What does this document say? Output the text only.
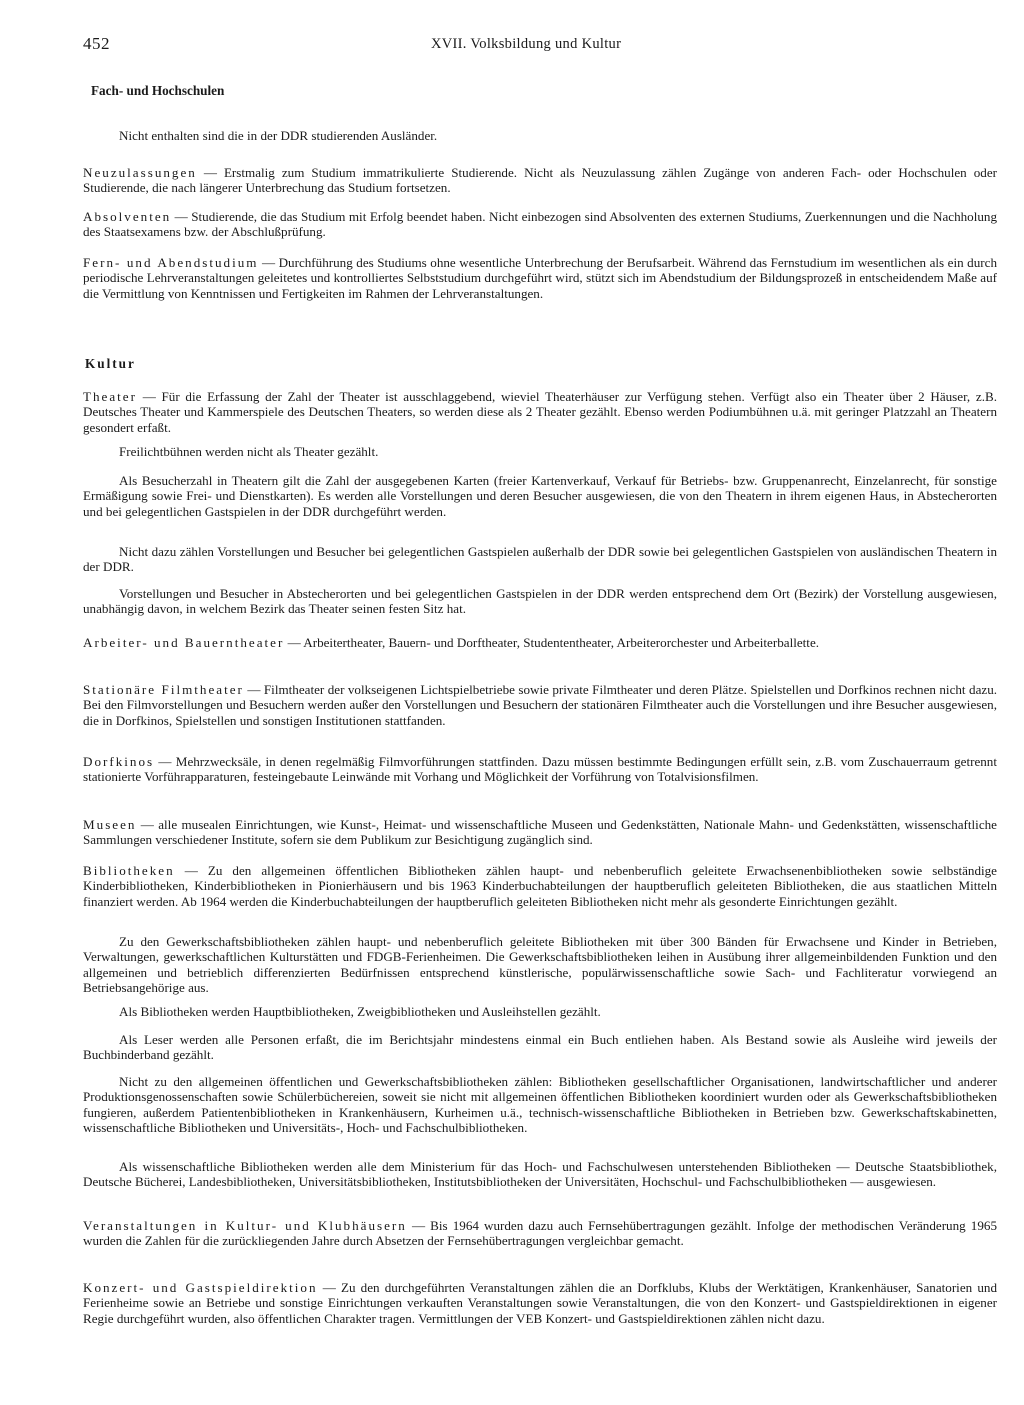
452	XVII. Volksbildung und Kultur
Fach- und Hochschulen
Nicht enthalten sind die in der DDR studierenden Ausländer.
Neuzulassungen — Erstmalig zum Studium immatrikulierte Studierende. Nicht als Neuzulassung zählen Zugänge von anderen Fach- oder Hochschulen oder Studierende, die nach längerer Unterbrechung das Studium fortsetzen.
Absolventen — Studierende, die das Studium mit Erfolg beendet haben. Nicht einbezogen sind Absolventen des externen Studiums, Zuerkennungen und die Nachholung des Staatsexamens bzw. der Abschlußprüfung.
Fern- und Abendstudium — Durchführung des Studiums ohne wesentliche Unterbrechung der Berufsarbeit. Während das Fernstudium im wesentlichen als ein durch periodische Lehrveranstaltungen geleitetes und kontrolliertes Selbststudium durchgeführt wird, stützt sich im Abendstudium der Bildungsprozeß in entscheidendem Maße auf die Vermittlung von Kenntnissen und Fertigkeiten im Rahmen der Lehrveranstaltungen.
Kultur
Theater — Für die Erfassung der Zahl der Theater ist ausschlaggebend, wieviel Theaterhäuser zur Verfügung stehen. Verfügt also ein Theater über 2 Häuser, z.B. Deutsches Theater und Kammerspiele des Deutschen Theaters, so werden diese als 2 Theater gezählt. Ebenso werden Podiumbühnen u.ä. mit geringer Platzzahl an Theatern gesondert erfaßt.
Freilichtbühnen werden nicht als Theater gezählt.
Als Besucherzahl in Theatern gilt die Zahl der ausgegebenen Karten (freier Kartenverkauf, Verkauf für Betriebs- bzw. Gruppenanrecht, Einzelanrecht, für sonstige Ermäßigung sowie Frei- und Dienstkarten). Es werden alle Vorstellungen und deren Besucher ausgewiesen, die von den Theatern in ihrem eigenen Haus, in Abstecherorten und bei gelegentlichen Gastspielen in der DDR durchgeführt werden.
Nicht dazu zählen Vorstellungen und Besucher bei gelegentlichen Gastspielen außerhalb der DDR sowie bei gelegentlichen Gastspielen von ausländischen Theatern in der DDR.
Vorstellungen und Besucher in Abstecherorten und bei gelegentlichen Gastspielen in der DDR werden entsprechend dem Ort (Bezirk) der Vorstellung ausgewiesen, unabhängig davon, in welchem Bezirk das Theater seinen festen Sitz hat.
Arbeiter- und Bauerntheater — Arbeitertheater, Bauern- und Dorftheater, Studententheater, Arbeiterorchester und Arbeiterballette.
Stationäre Filmtheater — Filmtheater der volkseigenen Lichtspielbetriebe sowie private Filmtheater und deren Plätze. Spielstellen und Dorfkinos rechnen nicht dazu. Bei den Filmvorstellungen und Besuchern werden außer den Vorstellungen und Besuchern der stationären Filmtheater auch die Vorstellungen und ihre Besucher ausgewiesen, die in Dorfkinos, Spielstellen und sonstigen Institutionen stattfanden.
Dorfkinos — Mehrzwecksäle, in denen regelmäßig Filmvorführungen stattfinden. Dazu müssen bestimmte Bedingungen erfüllt sein, z.B. vom Zuschauerraum getrennt stationierte Vorführapparaturen, festeingebaute Leinwände mit Vorhang und Möglichkeit der Vorführung von Totalvisionsfilmen.
Museen — alle musealen Einrichtungen, wie Kunst-, Heimat- und wissenschaftliche Museen und Gedenkstätten, Nationale Mahn- und Gedenkstätten, wissenschaftliche Sammlungen verschiedener Institute, sofern sie dem Publikum zur Besichtigung zugänglich sind.
Bibliotheken — Zu den allgemeinen öffentlichen Bibliotheken zählen haupt- und nebenberuflich geleitete Erwachsenenbibliotheken sowie selbständige Kinderbibliotheken, Kinderbibliotheken in Pionierhäusern und bis 1963 Kinderbuchabteilungen der hauptberuflich geleiteten Bibliotheken, die aus staatlichen Mitteln finanziert werden. Ab 1964 werden die Kinderbuchabteilungen der hauptberuflich geleiteten Bibliotheken nicht mehr als gesonderte Einrichtungen gezählt.
Zu den Gewerkschaftsbibliotheken zählen haupt- und nebenberuflich geleitete Bibliotheken mit über 300 Bänden für Erwachsene und Kinder in Betrieben, Verwaltungen, gewerkschaftlichen Kulturstätten und FDGB-Ferienheimen. Die Gewerkschaftsbibliotheken leihen in Ausübung ihrer allgemeinbildenden Funktion und den allgemeinen und betrieblich differenzierten Bedürfnissen entsprechend künstlerische, populärwissenschaftliche sowie Sach- und Fachliteratur vorwiegend an Betriebsangehörige aus.
Als Bibliotheken werden Hauptbibliotheken, Zweigbibliotheken und Ausleihstellen gezählt.
Als Leser werden alle Personen erfaßt, die im Berichtsjahr mindestens einmal ein Buch entliehen haben. Als Bestand sowie als Ausleihe wird jeweils der Buchbinderband gezählt.
Nicht zu den allgemeinen öffentlichen und Gewerkschaftsbibliotheken zählen: Bibliotheken gesellschaftlicher Organisationen, landwirtschaftlicher und anderer Produktionsgenossenschaften sowie Schülerbüchereien, soweit sie nicht mit allgemeinen öffentlichen Bibliotheken koordiniert wurden oder als Gewerkschaftsbibliotheken fungieren, außerdem Patientenbibliotheken in Krankenhäusern, Kurheimen u.ä., technisch-wissenschaftliche Bibliotheken in Betrieben bzw. Gewerkschaftskabinetten, wissenschaftliche Bibliotheken und Universitäts-, Hoch- und Fachschulbibliotheken.
Als wissenschaftliche Bibliotheken werden alle dem Ministerium für das Hoch- und Fachschulwesen unterstehenden Bibliotheken — Deutsche Staatsbibliothek, Deutsche Bücherei, Landesbibliotheken, Universitätsbibliotheken, Institutsbibliotheken der Universitäten, Hochschul- und Fachschulbibliotheken — ausgewiesen.
Veranstaltungen in Kultur- und Klubhäusern — Bis 1964 wurden dazu auch Fernsehübertragungen gezählt. Infolge der methodischen Veränderung 1965 wurden die Zahlen für die zurückliegenden Jahre durch Absetzen der Fernsehübertragungen vergleichbar gemacht.
Konzert- und Gastspieldirektion — Zu den durchgeführten Veranstaltungen zählen die an Dorfklubs, Klubs der Werktätigen, Krankenhäuser, Sanatorien und Ferienheime sowie an Betriebe und sonstige Einrichtungen verkauften Veranstaltungen sowie Veranstaltungen, die von den Konzert- und Gastspieldirektionen in eigener Regie durchgeführt wurden, also öffentlichen Charakter tragen. Vermittlungen der VEB Konzert- und Gastspieldirektionen zählen nicht dazu.
